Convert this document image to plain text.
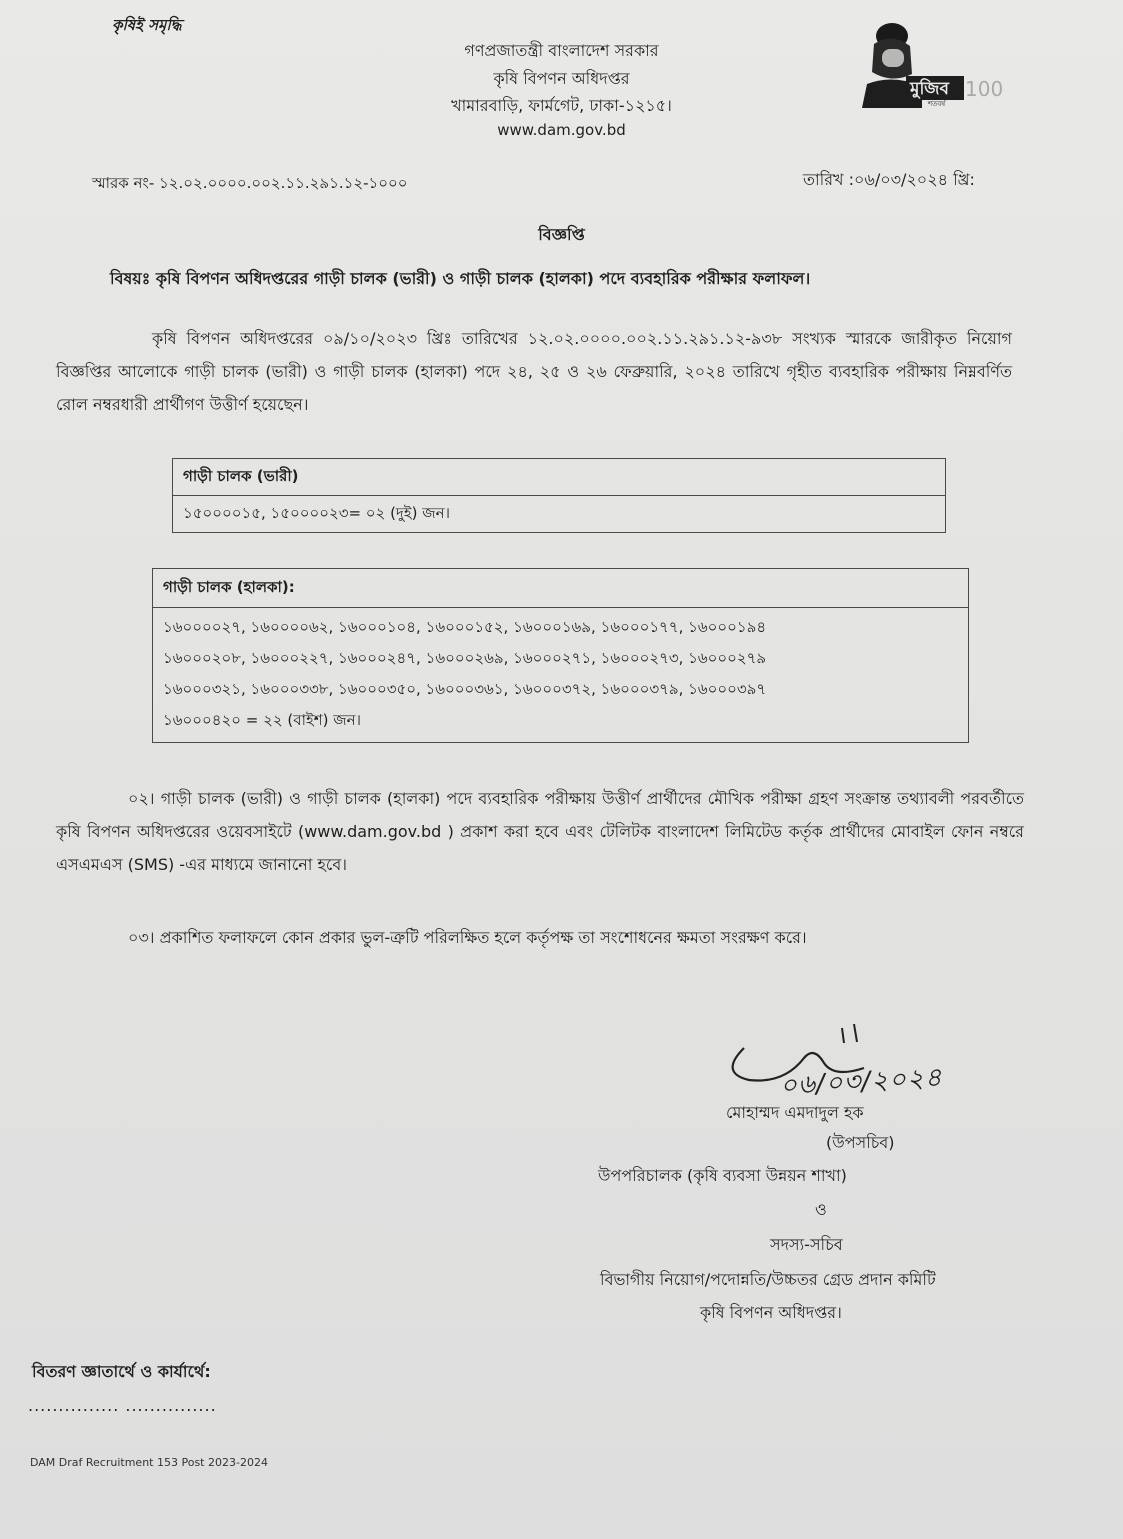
কৃষিই সমৃদ্ধি
গণপ্রজাতন্ত্রী বাংলাদেশ সরকার
কৃষি বিপণন অধিদপ্তর
খামারবাড়ি, ফার্মগেট, ঢাকা-১২১৫।
www.dam.gov.bd
মুজিব 100
শতবর্ষ
স্মারক নং- ১২.০২.০০০০.০০২.১১.২৯১.১২-১০০০	তারিখ :০৬/০৩/২০২৪ খ্রি:
বিজ্ঞপ্তি
বিষয়ঃ কৃষি বিপণন অধিদপ্তরের গাড়ী চালক (ভারী) ও গাড়ী চালক (হালকা) পদে ব্যবহারিক পরীক্ষার ফলাফল।
কৃষি বিপণন অধিদপ্তরের ০৯/১০/২০২৩ খ্রিঃ তারিখের ১২.০২.০০০০.০০২.১১.২৯১.১২-৯৩৮ সংখ্যক স্মারকে জারীকৃত নিয়োগ বিজ্ঞপ্তির আলোকে গাড়ী চালক (ভারী) ও গাড়ী চালক (হালকা) পদে ২৪, ২৫ ও ২৬ ফেব্রুয়ারি, ২০২৪ তারিখে গৃহীত ব্যবহারিক পরীক্ষায় নিম্নবর্ণিত রোল নম্বরধারী প্রার্থীগণ উত্তীর্ণ হয়েছেন।
গাড়ী চালক (ভারী)
১৫০০০০১৫, ১৫০০০০২৩= ০২ (দুই) জন।
গাড়ী চালক (হালকা):

১৬০০০০২৭, ১৬০০০০৬২, ১৬০০০১০৪, ১৬০০০১৫২, ১৬০০০১৬৯, ১৬০০০১৭৭, ১৬০০০১৯৪
১৬০০০২০৮, ১৬০০০২২৭, ১৬০০০২৪৭, ১৬০০০২৬৯, ১৬০০০২৭১, ১৬০০০২৭৩, ১৬০০০২৭৯
১৬০০০৩২১, ১৬০০০৩৩৮, ১৬০০০৩৫০, ১৬০০০৩৬১, ১৬০০০৩৭২, ১৬০০০৩৭৯, ১৬০০০৩৯৭
১৬০০০৪২০ = ২২ (বাইশ) জন।
০২। গাড়ী চালক (ভারী) ও গাড়ী চালক (হালকা) পদে ব্যবহারিক পরীক্ষায় উত্তীর্ণ প্রার্থীদের মৌখিক পরীক্ষা গ্রহণ সংক্রান্ত তথ্যাবলী পরবর্তীতে কৃষি বিপণন অধিদপ্তরের ওয়েবসাইটে (www.dam.gov.bd ) প্রকাশ করা হবে এবং টেলিটক বাংলাদেশ লিমিটেড কর্তৃক প্রার্থীদের মোবাইল ফোন নম্বরে এসএমএস (SMS) -এর মাধ্যমে জানানো হবে।
০৩। প্রকাশিত ফলাফলে কোন প্রকার ভুল-ত্রুটি পরিলক্ষিত হলে কর্তৃপক্ষ তা সংশোধনের ক্ষমতা সংরক্ষণ করে।
০৬/০৩/২০২৪
মোহাম্মদ এমদাদুল হক
(উপসচিব)
উপপরিচালক (কৃষি ব্যবসা উন্নয়ন শাখা)
ও
সদস্য-সচিব
বিভাগীয় নিয়োগ/পদোন্নতি/উচ্চতর গ্রেড প্রদান কমিটি
কৃষি বিপণন অধিদপ্তর।
বিতরণ জ্ঞাতার্থে ও কার্যার্থে:
............... ...............
DAM Draf Recruitment 153 Post 2023-2024
